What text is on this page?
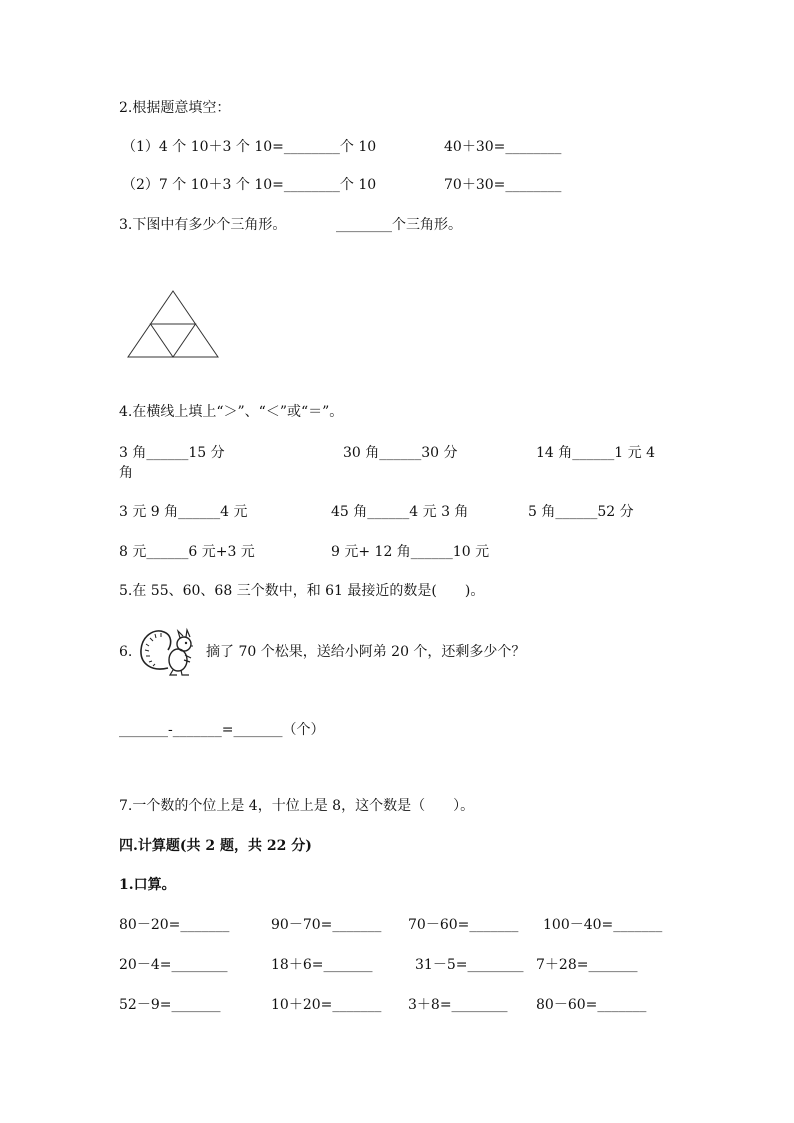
2.根据题意填空：
（1）4 个 10＋3 个 10=________个 10	40＋30=________
（2）7 个 10＋3 个 10=________个 10	70＋30=________
3.下图中有多少个三角形。	________个三角形。
4.在横线上填上“＞”、“＜”或“＝”。
3 角______15 分	30 角______30 分	14 角______1 元 4
角
3 元 9 角______4 元	45 角______4 元 3 角	5 角______52 分
8 元______6 元+3 元	9 元+ 12 角______10 元
5.在 55、60、68 三个数中，和 61 最接近的数是(　　)。
6.	摘了 70 个松果，送给小阿弟 20 个，还剩多少个？
_______-_______=_______（个）
7.一个数的个位上是 4，十位上是 8，这个数是（　　）。
四.计算题(共 2 题，共 22 分)
1.口算。
80－20=_______	90－70=_______ 70－60=_______ 100－40=_______
20－4=________	18＋6=_______	31－5=________ 7＋28=_______
52－9=_______	10＋20=_______ 3＋8=________ 80－60=_______
